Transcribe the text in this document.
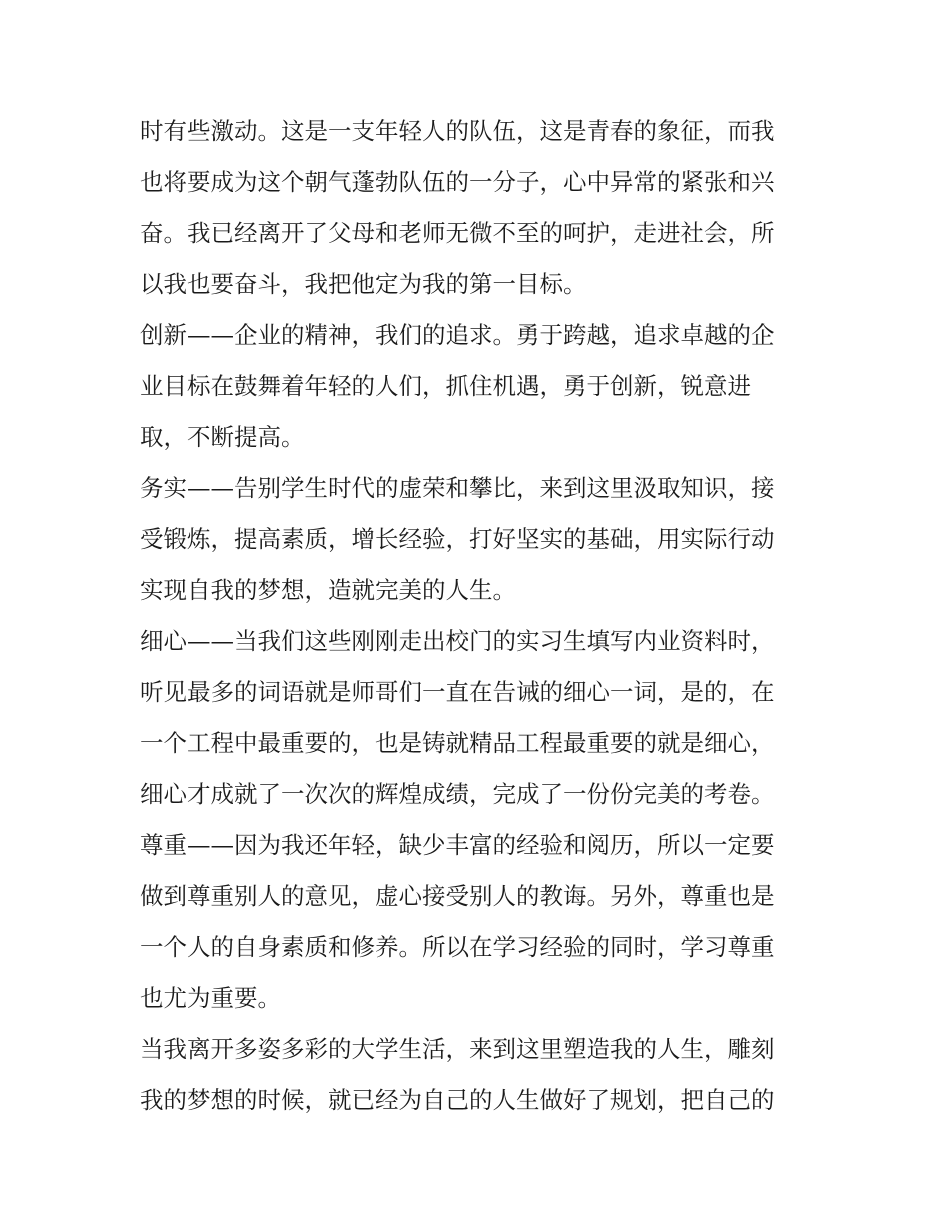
时有些激动。这是一支年轻人的队伍，这是青春的象征，而我
也将要成为这个朝气蓬勃队伍的一分子，心中异常的紧张和兴
奋。我已经离开了父母和老师无微不至的呵护，走进社会，所
以我也要奋斗，我把他定为我的第一目标。

创新——企业的精神，我们的追求。勇于跨越，追求卓越的企
业目标在鼓舞着年轻的人们，抓住机遇，勇于创新，锐意进
取，不断提高。

务实——告别学生时代的虚荣和攀比，来到这里汲取知识，接
受锻炼，提高素质，增长经验，打好坚实的基础，用实际行动
实现自我的梦想，造就完美的人生。

细心——当我们这些刚刚走出校门的实习生填写内业资料时，
听见最多的词语就是师哥们一直在告诫的细心一词，是的，在
一个工程中最重要的，也是铸就精品工程最重要的就是细心，
细心才成就了一次次的辉煌成绩，完成了一份份完美的考卷。

尊重——因为我还年轻，缺少丰富的经验和阅历，所以一定要
做到尊重别人的意见，虚心接受别人的教诲。另外，尊重也是
一个人的自身素质和修养。所以在学习经验的同时，学习尊重
也尤为重要。

当我离开多姿多彩的大学生活，来到这里塑造我的人生，雕刻
我的梦想的时候，就已经为自己的人生做好了规划，把自己的
